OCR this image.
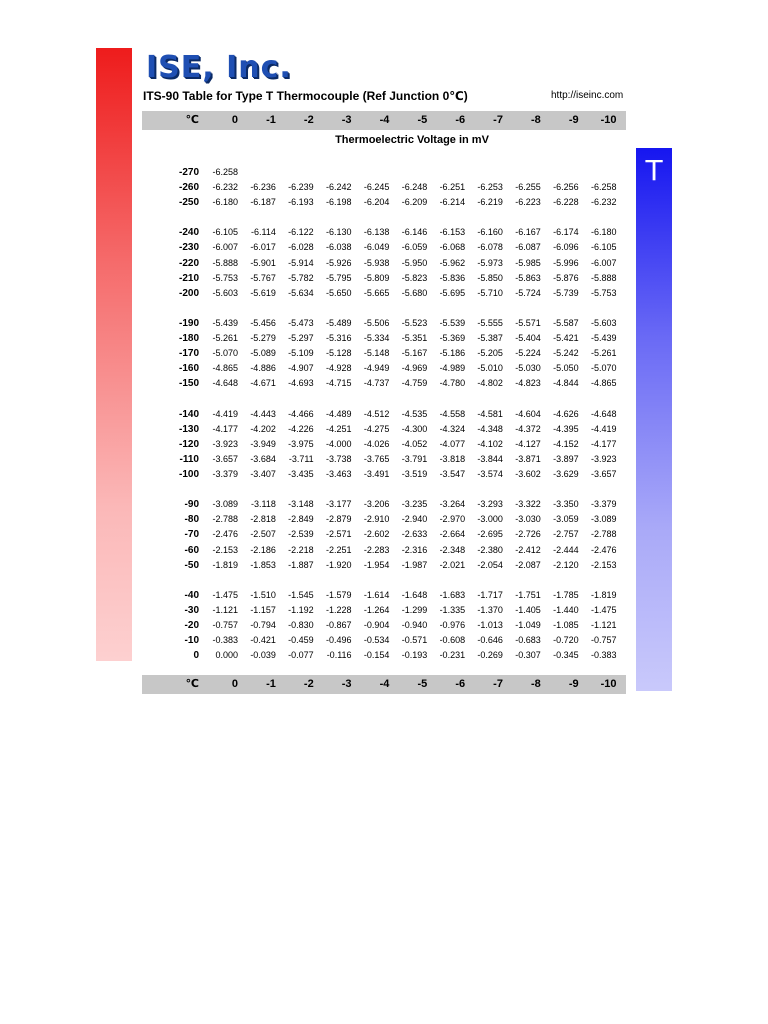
T
ISE, Inc.
ITS-90 Table for Type T Thermocouple (Ref Junction 0℃)	http://iseinc.com
℃	0	-1	-2	-3	-4	-5	-6	-7	-8	-9	-10
Thermoelectric Voltage in mV
-270	-6.258
-260	-6.232	-6.236	-6.239	-6.242	-6.245	-6.248	-6.251	-6.253	-6.255	-6.256	-6.258
-250	-6.180	-6.187	-6.193	-6.198	-6.204	-6.209	-6.214	-6.219	-6.223	-6.228	-6.232
-240	-6.105	-6.114	-6.122	-6.130	-6.138	-6.146	-6.153	-6.160	-6.167	-6.174	-6.180
-230	-6.007	-6.017	-6.028	-6.038	-6.049	-6.059	-6.068	-6.078	-6.087	-6.096	-6.105
-220	-5.888	-5.901	-5.914	-5.926	-5.938	-5.950	-5.962	-5.973	-5.985	-5.996	-6.007
-210	-5.753	-5.767	-5.782	-5.795	-5.809	-5.823	-5.836	-5.850	-5.863	-5.876	-5.888
-200	-5.603	-5.619	-5.634	-5.650	-5.665	-5.680	-5.695	-5.710	-5.724	-5.739	-5.753
-190	-5.439	-5.456	-5.473	-5.489	-5.506	-5.523	-5.539	-5.555	-5.571	-5.587	-5.603
-180	-5.261	-5.279	-5.297	-5.316	-5.334	-5.351	-5.369	-5.387	-5.404	-5.421	-5.439
-170	-5.070	-5.089	-5.109	-5.128	-5.148	-5.167	-5.186	-5.205	-5.224	-5.242	-5.261
-160	-4.865	-4.886	-4.907	-4.928	-4.949	-4.969	-4.989	-5.010	-5.030	-5.050	-5.070
-150	-4.648	-4.671	-4.693	-4.715	-4.737	-4.759	-4.780	-4.802	-4.823	-4.844	-4.865
-140	-4.419	-4.443	-4.466	-4.489	-4.512	-4.535	-4.558	-4.581	-4.604	-4.626	-4.648
-130	-4.177	-4.202	-4.226	-4.251	-4.275	-4.300	-4.324	-4.348	-4.372	-4.395	-4.419
-120	-3.923	-3.949	-3.975	-4.000	-4.026	-4.052	-4.077	-4.102	-4.127	-4.152	-4.177
-110	-3.657	-3.684	-3.711	-3.738	-3.765	-3.791	-3.818	-3.844	-3.871	-3.897	-3.923
-100	-3.379	-3.407	-3.435	-3.463	-3.491	-3.519	-3.547	-3.574	-3.602	-3.629	-3.657
-90	-3.089	-3.118	-3.148	-3.177	-3.206	-3.235	-3.264	-3.293	-3.322	-3.350	-3.379
-80	-2.788	-2.818	-2.849	-2.879	-2.910	-2.940	-2.970	-3.000	-3.030	-3.059	-3.089
-70	-2.476	-2.507	-2.539	-2.571	-2.602	-2.633	-2.664	-2.695	-2.726	-2.757	-2.788
-60	-2.153	-2.186	-2.218	-2.251	-2.283	-2.316	-2.348	-2.380	-2.412	-2.444	-2.476
-50	-1.819	-1.853	-1.887	-1.920	-1.954	-1.987	-2.021	-2.054	-2.087	-2.120	-2.153
-40	-1.475	-1.510	-1.545	-1.579	-1.614	-1.648	-1.683	-1.717	-1.751	-1.785	-1.819
-30	-1.121	-1.157	-1.192	-1.228	-1.264	-1.299	-1.335	-1.370	-1.405	-1.440	-1.475
-20	-0.757	-0.794	-0.830	-0.867	-0.904	-0.940	-0.976	-1.013	-1.049	-1.085	-1.121
-10	-0.383	-0.421	-0.459	-0.496	-0.534	-0.571	-0.608	-0.646	-0.683	-0.720	-0.757
0	0.000	-0.039	-0.077	-0.116	-0.154	-0.193	-0.231	-0.269	-0.307	-0.345	-0.383
℃	0	-1	-2	-3	-4	-5	-6	-7	-8	-9	-10
